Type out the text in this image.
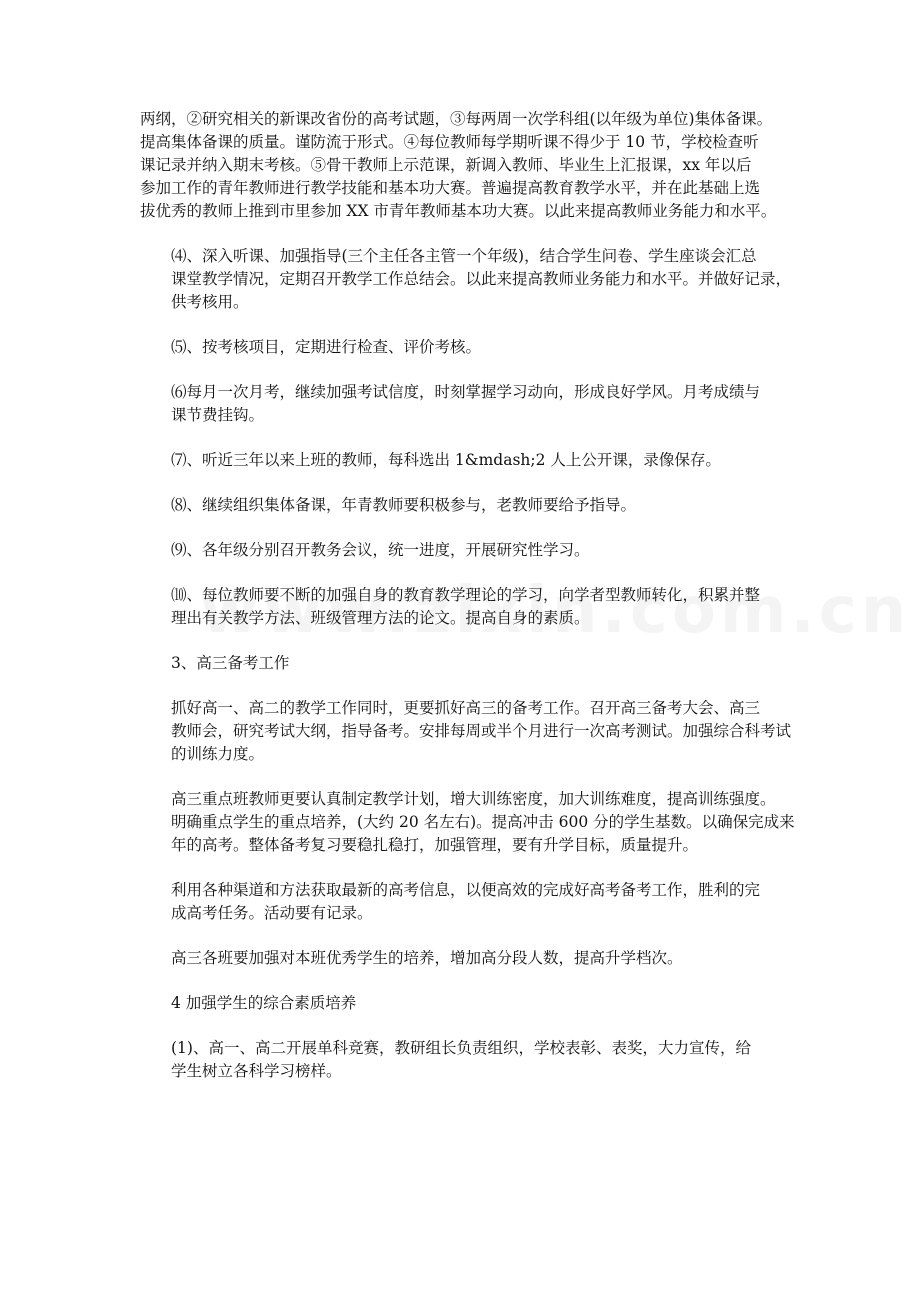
两纲，②研究相关的新课改省份的高考试题，③每两周一次学科组(以年级为单位)集体备课。
提高集体备课的质量。谨防流于形式。④每位教师每学期听课不得少于 10 节，学校检查听
课记录并纳入期末考核。⑤骨干教师上示范课，新调入教师、毕业生上汇报课，xx 年以后
参加工作的青年教师进行教学技能和基本功大赛。普遍提高教育教学水平，并在此基础上选
拔优秀的教师上推到市里参加 XX 市青年教师基本功大赛。以此来提高教师业务能力和水平。

⑷、深入听课、加强指导(三个主任各主管一个年级)，结合学生问卷、学生座谈会汇总
课堂教学情况，定期召开教学工作总结会。以此来提高教师业务能力和水平。并做好记录，
供考核用。

⑸、按考核项目，定期进行检查、评价考核。

⑹每月一次月考，继续加强考试信度，时刻掌握学习动向，形成良好学风。月考成绩与
课节费挂钩。

⑺、听近三年以来上班的教师，每科选出 1&mdash;2 人上公开课，录像保存。

⑻、继续组织集体备课，年青教师要积极参与，老教师要给予指导。

⑼、各年级分别召开教务会议，统一进度，开展研究性学习。

⑽、每位教师要不断的加强自身的教育教学理论的学习，向学者型教师转化，积累并整
理出有关教学方法、班级管理方法的论文。提高自身的素质。

3、高三备考工作

抓好高一、高二的教学工作同时，更要抓好高三的备考工作。召开高三备考大会、高三
教师会，研究考试大纲，指导备考。安排每周或半个月进行一次高考测试。加强综合科考试
的训练力度。

高三重点班教师更要认真制定教学计划，增大训练密度，加大训练难度，提高训练强度。
明确重点学生的重点培养，(大约 20 名左右)。提高冲击 600 分的学生基数。以确保完成来
年的高考。整体备考复习要稳扎稳打，加强管理，要有升学目标，质量提升。

利用各种渠道和方法获取最新的高考信息，以便高效的完成好高考备考工作，胜利的完
成高考任务。活动要有记录。

高三各班要加强对本班优秀学生的培养，增加高分段人数，提高升学档次。

4 加强学生的综合素质培养

(1)、高一、高二开展单科竞赛，教研组长负责组织，学校表彰、表奖，大力宣传，给
学生树立各科学习榜样。
